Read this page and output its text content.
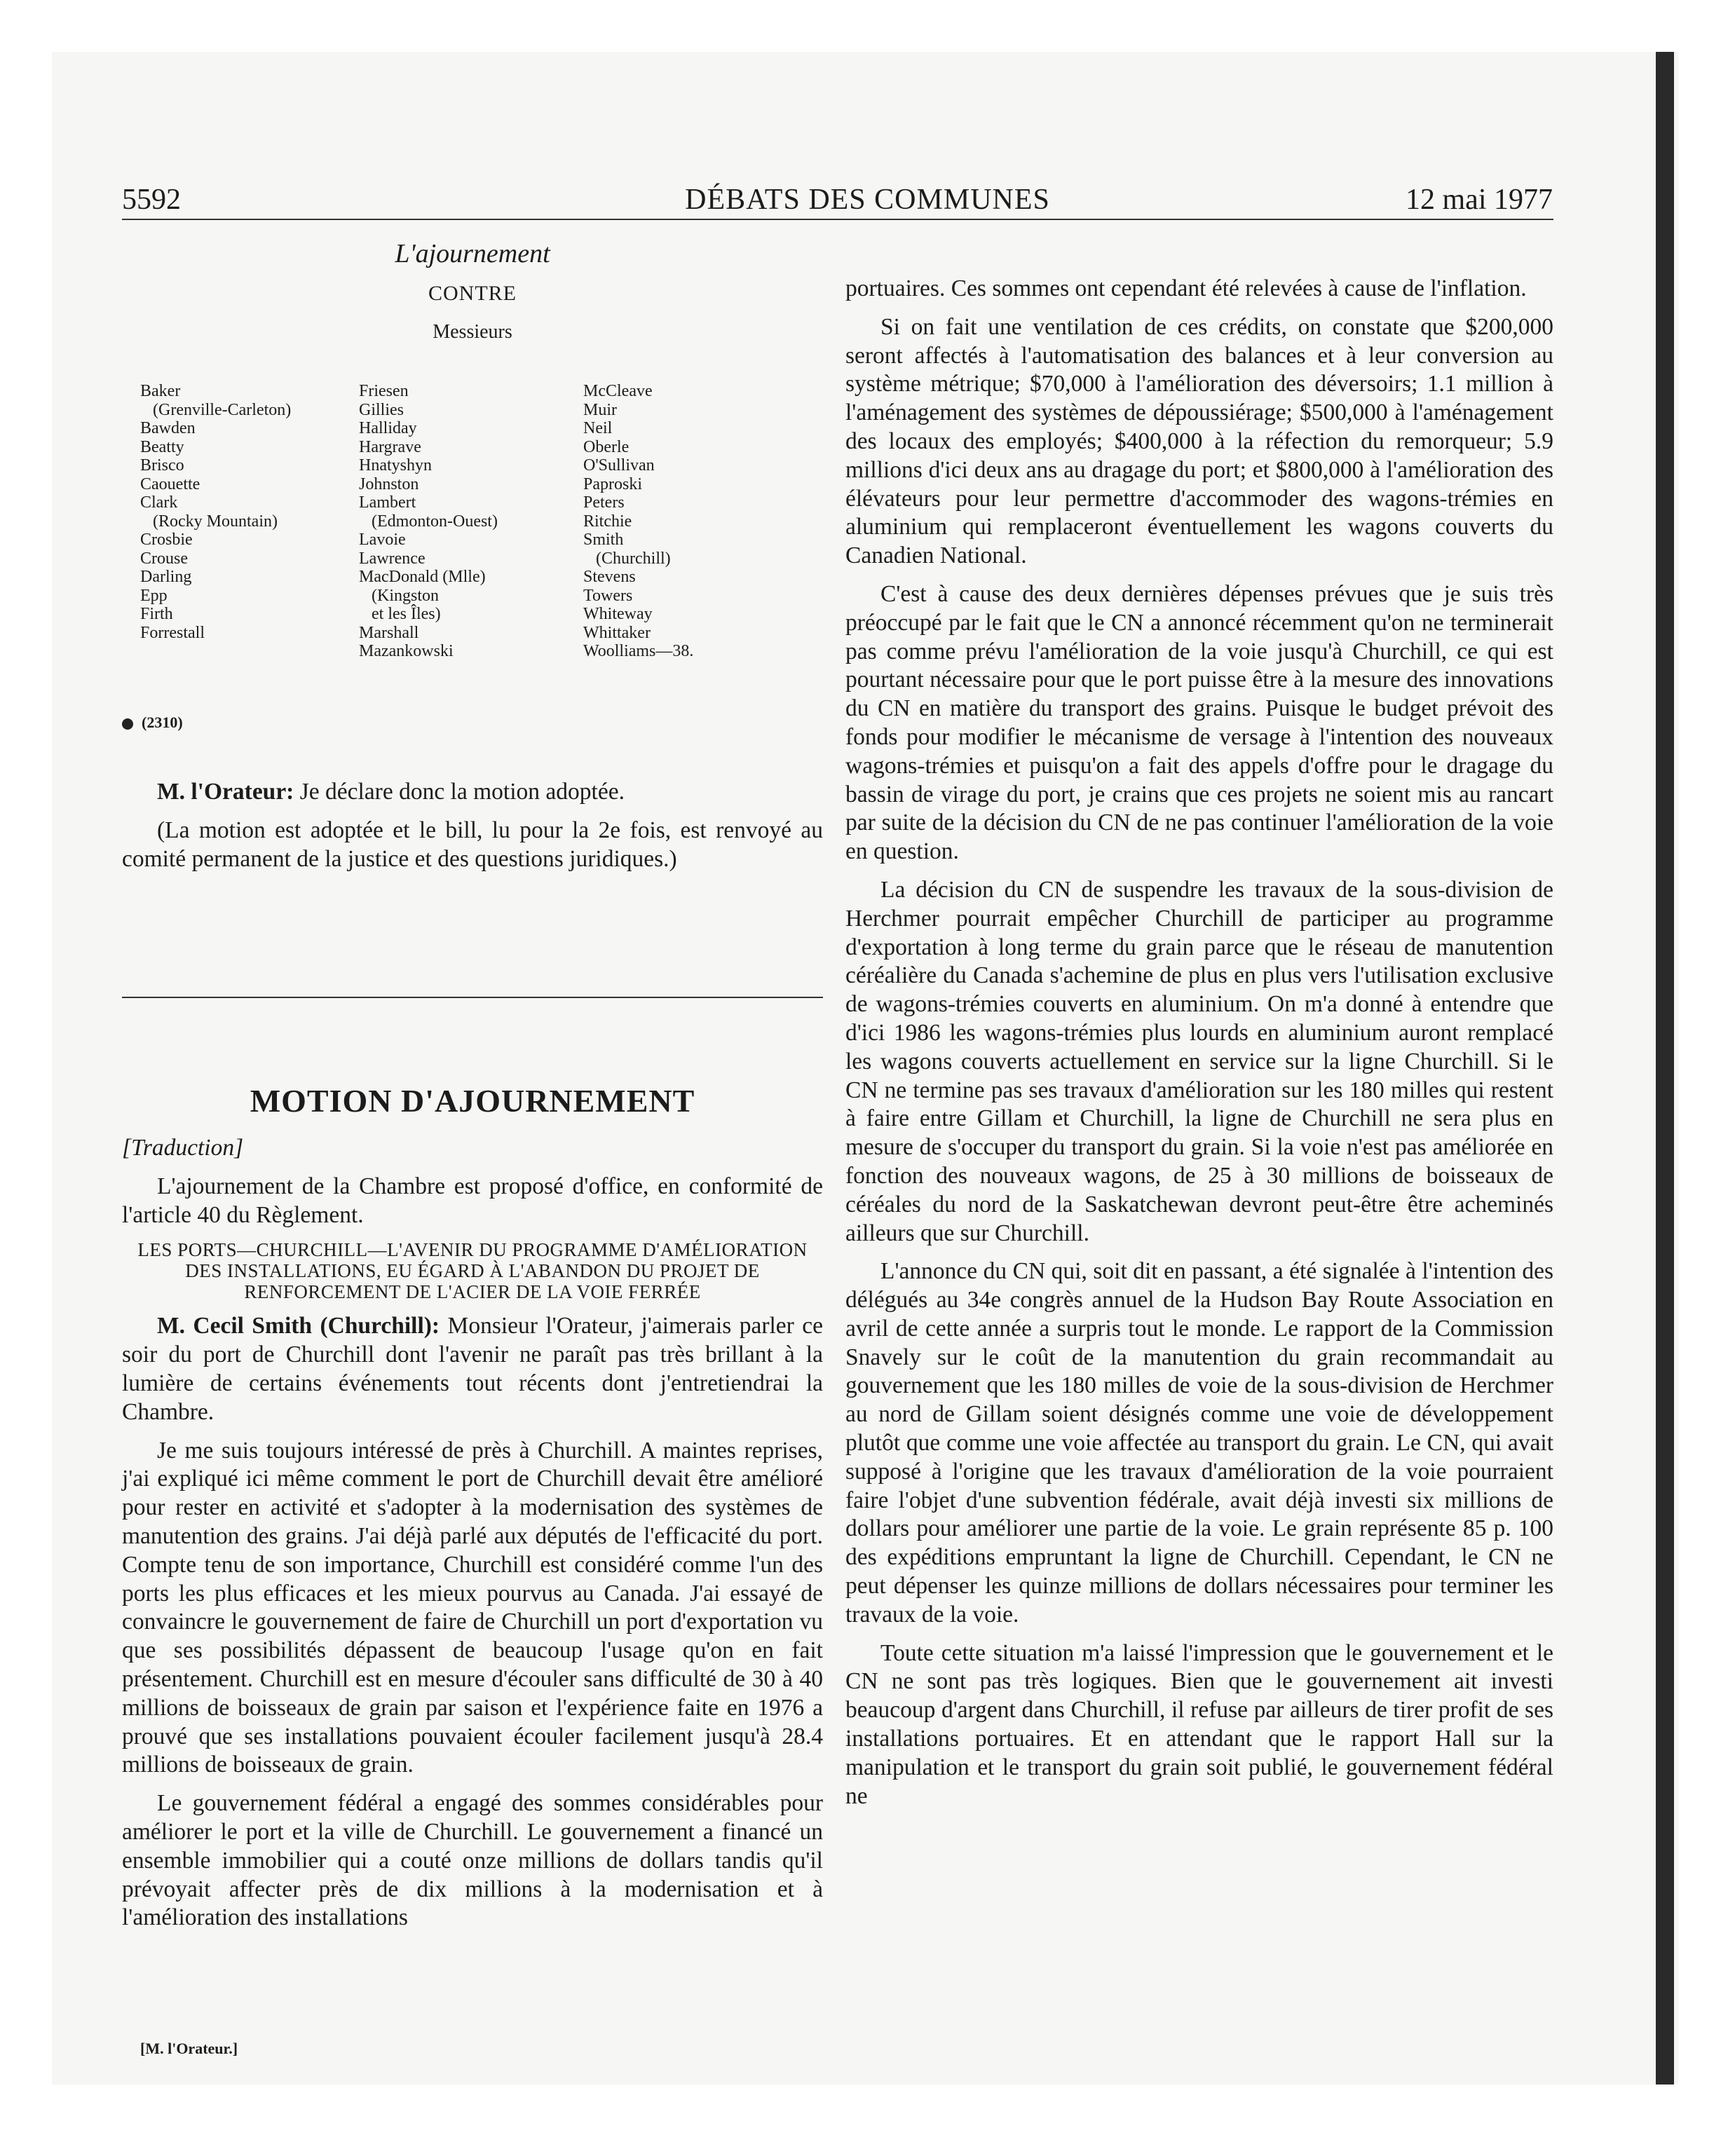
5592	DÉBATS DES COMMUNES	12 mai 1977
L'ajournement
CONTRE
Messieurs
Baker
(Grenville-Carleton)
Bawden
Beatty
Brisco
Caouette
Clark
(Rocky Mountain)
Crosbie
Crouse
Darling
Epp
Firth
Forrestall
Friesen
Gillies
Halliday
Hargrave
Hnatyshyn
Johnston
Lambert
(Edmonton-Ouest)
Lavoie
Lawrence
MacDonald (Mlle)
(Kingston
et les Îles)
Marshall
Mazankowski
McCleave
Muir
Neil
Oberle
O'Sullivan
Paproski
Peters
Ritchie
Smith
(Churchill)
Stevens
Towers
Whiteway
Whittaker
Woolliams—38.
(2310)

M. l'Orateur: Je déclare donc la motion adoptée.

(La motion est adoptée et le bill, lu pour la 2e fois, est renvoyé au comité permanent de la justice et des questions juridiques.)

MOTION D'AJOURNEMENT

[Traduction]

L'ajournement de la Chambre est proposé d'office, en conformité de l'article 40 du Règlement.

LES PORTS—CHURCHILL—L'AVENIR DU PROGRAMME D'AMÉLIORATION DES INSTALLATIONS, EU ÉGARD À L'ABANDON DU PROJET DE RENFORCEMENT DE L'ACIER DE LA VOIE FERRÉE

M. Cecil Smith (Churchill): Monsieur l'Orateur, j'aimerais parler ce soir du port de Churchill dont l'avenir ne paraît pas très brillant à la lumière de certains événements tout récents dont j'entretiendrai la Chambre.

Je me suis toujours intéressé de près à Churchill. A maintes reprises, j'ai expliqué ici même comment le port de Churchill devait être amélioré pour rester en activité et s'adopter à la modernisation des systèmes de manutention des grains. J'ai déjà parlé aux députés de l'efficacité du port. Compte tenu de son importance, Churchill est considéré comme l'un des ports les plus efficaces et les mieux pourvus au Canada. J'ai essayé de convaincre le gouvernement de faire de Churchill un port d'exportation vu que ses possibilités dépassent de beaucoup l'usage qu'on en fait présentement. Churchill est en mesure d'écouler sans difficulté de 30 à 40 millions de boisseaux de grain par saison et l'expérience faite en 1976 a prouvé que ses installations pouvaient écouler facilement jusqu'à 28.4 millions de boisseaux de grain.

Le gouvernement fédéral a engagé des sommes considérables pour améliorer le port et la ville de Churchill. Le gouvernement a financé un ensemble immobilier qui a couté onze millions de dollars tandis qu'il prévoyait affecter près de dix millions à la modernisation et à l'amélioration des installations

portuaires. Ces sommes ont cependant été relevées à cause de l'inflation.

Si on fait une ventilation de ces crédits, on constate que $200,000 seront affectés à l'automatisation des balances et à leur conversion au système métrique; $70,000 à l'amélioration des déversoirs; 1.1 million à l'aménagement des systèmes de dépoussiérage; $500,000 à l'aménagement des locaux des employés; $400,000 à la réfection du remorqueur; 5.9 millions d'ici deux ans au dragage du port; et $800,000 à l'amélioration des élévateurs pour leur permettre d'accommoder des wagons-trémies en aluminium qui remplaceront éventuellement les wagons couverts du Canadien National.

C'est à cause des deux dernières dépenses prévues que je suis très préoccupé par le fait que le CN a annoncé récemment qu'on ne terminerait pas comme prévu l'amélioration de la voie jusqu'à Churchill, ce qui est pourtant nécessaire pour que le port puisse être à la mesure des innovations du CN en matière du transport des grains. Puisque le budget prévoit des fonds pour modifier le mécanisme de versage à l'intention des nouveaux wagons-trémies et puisqu'on a fait des appels d'offre pour le dragage du bassin de virage du port, je crains que ces projets ne soient mis au rancart par suite de la décision du CN de ne pas continuer l'amélioration de la voie en question.

La décision du CN de suspendre les travaux de la sous-division de Herchmer pourrait empêcher Churchill de participer au programme d'exportation à long terme du grain parce que le réseau de manutention céréalière du Canada s'achemine de plus en plus vers l'utilisation exclusive de wagons-trémies couverts en aluminium. On m'a donné à entendre que d'ici 1986 les wagons-trémies plus lourds en aluminium auront remplacé les wagons couverts actuellement en service sur la ligne Churchill. Si le CN ne termine pas ses travaux d'amélioration sur les 180 milles qui restent à faire entre Gillam et Churchill, la ligne de Churchill ne sera plus en mesure de s'occuper du transport du grain. Si la voie n'est pas améliorée en fonction des nouveaux wagons, de 25 à 30 millions de boisseaux de céréales du nord de la Saskatchewan devront peut-être être acheminés ailleurs que sur Churchill.

L'annonce du CN qui, soit dit en passant, a été signalée à l'intention des délégués au 34e congrès annuel de la Hudson Bay Route Association en avril de cette année a surpris tout le monde. Le rapport de la Commission Snavely sur le coût de la manutention du grain recommandait au gouvernement que les 180 milles de voie de la sous-division de Herchmer au nord de Gillam soient désignés comme une voie de développement plutôt que comme une voie affectée au transport du grain. Le CN, qui avait supposé à l'origine que les travaux d'amélioration de la voie pourraient faire l'objet d'une subvention fédérale, avait déjà investi six millions de dollars pour améliorer une partie de la voie. Le grain représente 85 p. 100 des expéditions empruntant la ligne de Churchill. Cependant, le CN ne peut dépenser les quinze millions de dollars nécessaires pour terminer les travaux de la voie.

Toute cette situation m'a laissé l'impression que le gouvernement et le CN ne sont pas très logiques. Bien que le gouvernement ait investi beaucoup d'argent dans Churchill, il refuse par ailleurs de tirer profit de ses installations portuaires. Et en attendant que le rapport Hall sur la manipulation et le transport du grain soit publié, le gouvernement fédéral ne

[M. l'Orateur.]
